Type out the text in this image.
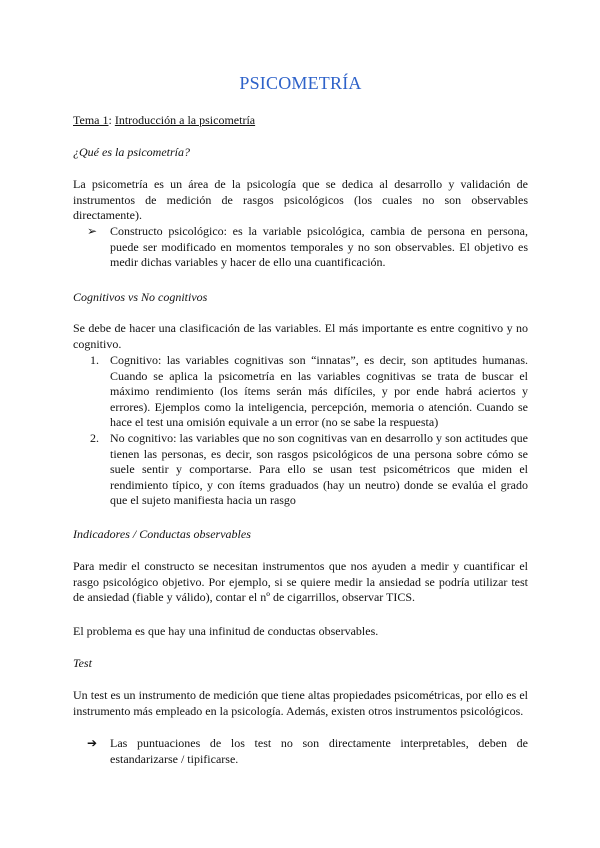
PSICOMETRÍA
Tema 1: Introducción a la psicometría
¿Qué es la psicometría?
La psicometría es un área de la psicología que se dedica al desarrollo y validación de instrumentos de medición de rasgos psicológicos (los cuales no son observables directamente).
➢ Constructo psicológico: es la variable psicológica, cambia de persona en persona, puede ser modificado en momentos temporales y no son observables. El objetivo es medir dichas variables y hacer de ello una cuantificación.
Cognitivos vs No cognitivos
Se debe de hacer una clasificación de las variables. El más importante es entre cognitivo y no cognitivo.
1. Cognitivo: las variables cognitivas son “innatas”, es decir, son aptitudes humanas. Cuando se aplica la psicometría en las variables cognitivas se trata de buscar el máximo rendimiento (los ítems serán más difíciles, y por ende habrá aciertos y errores). Ejemplos como la inteligencia, percepción, memoria o atención. Cuando se hace el test una omisión equivale a un error (no se sabe la respuesta)
2. No cognitivo: las variables que no son cognitivas van en desarrollo y son actitudes que tienen las personas, es decir, son rasgos psicológicos de una persona sobre cómo se suele sentir y comportarse. Para ello se usan test psicométricos que miden el rendimiento típico, y con ítems graduados (hay un neutro) donde se evalúa el grado que el sujeto manifiesta hacia un rasgo
Indicadores / Conductas observables
Para medir el constructo se necesitan instrumentos que nos ayuden a medir y cuantificar el rasgo psicológico objetivo. Por ejemplo, si se quiere medir la ansiedad se podría utilizar test de ansiedad (fiable y válido), contar el nº de cigarrillos, observar TICS.
El problema es que hay una infinitud de conductas observables.
Test
Un test es un instrumento de medición que tiene altas propiedades psicométricas, por ello es el instrumento más empleado en la psicología. Además, existen otros instrumentos psicológicos.
➔ Las puntuaciones de los test no son directamente interpretables, deben de estandarizarse / tipificarse.
